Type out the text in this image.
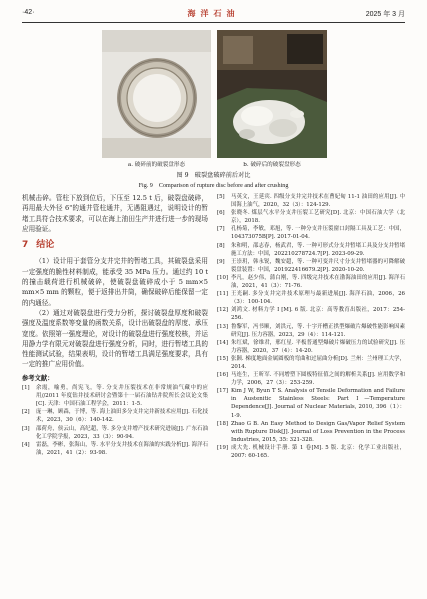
·42·	海洋石油	2025 年 3 月
a. 破碎前的破裂盘形态	b. 破碎后的破裂盘形态
图 9　破裂盘破碎前后对比
Fig. 9　Comparison of rupture disc before and after crushing

机械击碎。管柱下放到位后，下压至 12.5 t 后，破裂盘破碎，再用最大外径 6"的通井管柱通井，无遇阻遇过，说明设计的暂堵工具符合技术要求，可以在海上油田生产井进行进一步的现场应用验证。

7 结论

（1）设计用于套管分支井完井的暂堵工具，其破裂盘采用一定强度的脆性材料制成，能承受 35 MPa 压力。通过约 10 t 的撞击载荷进行机械破碎，使破裂盘破碎成小于 5 mm×5 mm×5 mm 的颗粒，便于返排出井筒，确保破碎后能保留一定的内通径。

（2）通过对破裂盘进行受力分析，探讨破裂盘厚度和破裂强度及温度系数等变量的函数关系，设计出破裂盘的厚度、承压宽度。依照第一强度理论，对设计的破裂盘进行强度校核，并运用静力学有限元对破裂盘进行强度分析，同时，进行暂堵工具的性能测试试验，结果表明，设计的暂堵工具满足强度要求，具有一定的推广应用价值。

参考文献：
[1]	余霞，喻勇，尚宪飞，等. 分支井压裂技术在非常规油气藏中的应用//2011 年度钻井技术研讨会暨第十一届石油钻井院所长会议论文集[C]. 天津：中国石油工程学会，2011：1-5.
[2]	庞一琳，顾森，于博，等. 海上油田多分支井完井新技术应用[J]. 石化技术，2023，30（6）：140-142.
[3]	邵荷舟，侯云山，高纪超，等. 多分支井增产技术研究进展[J]. 广东石油化工学院学报，2023，33（3）：90-94.
[4]	雷磊，李彬，张海山，等. 水平分支井技术在海油的实践分析[J]. 海洋石油，2021，41（2）：93-98.
[5]	马英文，王延宾. 四级分支井完井技术在曹妃甸 11-1 油田的应用[J]. 中国海上油气，2020，32（3）：124-129.
[6]	张晓冬. 煤层气水平分支井压裂工艺研究[D]. 北京：中国石油大学（北京），2018.
[7]	孔杨菊，李敏，邓旭，等. 一种分支井压裂窗口封隔工具及工艺：中国，104373075B[P]. 2017-01-04.
[8]	朱和明，邵志春，杨武君，等. 一种可形式分支井暂堵工具及分支井暂堵施工方法：中国，202210278724.7[P]. 2023-09-29.
[9]	王崇玥，韩永锐，魏安超，等. 一种可变井尺寸分支井暂堵器的可降解破裂盘装置：中国，201922416679.2[P]. 2020-10-20.
[10] 李凡，赵少伟，蒲白刚，等. 四级完井技术在渤海油田的应用[J]. 海洋石油，2021，41（3）：71-76.
[11] 王光嗣. 多分支井完井技术原理与最新进展[J]. 海洋石油，2006，26（3）：100-104.
[12] 刘鸿文. 材料力学 I [M]. 6 版. 北京：高等教育出版社，2017：254-256.
[13] 鲁黎军，冯书顺，刘洪元，等. 十字开槽正拱型爆破片爆破性能影响因素研究[J]. 压力容器，2023，29（4）：114-121.
[14] 朱红斌，徐维君，邢红星. 平板普通型爆破片爆破压力的试验研究[J]. 压力容器，2020，37（4）：14-20.
[15] 张颢. 梯度地面金属圆板的弯曲和过屈曲分析[D]. 兰州：兰州理工大学，2014.
[16] 马连生，王昕军. 不同增塑下圆板特征值之间的解析关系[J]. 应用数学和力学，2006，27（3）：253-259.
[17] Kim J W, Byun T S. Analysis of Tensile Deformation and Failure in Austenitic Stainless Steels: Part Ⅰ—Temperature Dependence[J]. Journal of Nuclear Materials, 2010, 396（1）：1-9.
[18] Zhao G B. An Easy Method to Design Gas/Vapor Relief System with Rupture Disk[J]. Journal of Loss Prevention in the Process Industries, 2015, 35: 321-328.
[19] 成大先. 机械设计手册. 第 1 卷[M]. 5 版. 北京：化学工业出版社，2007: 60-165.
